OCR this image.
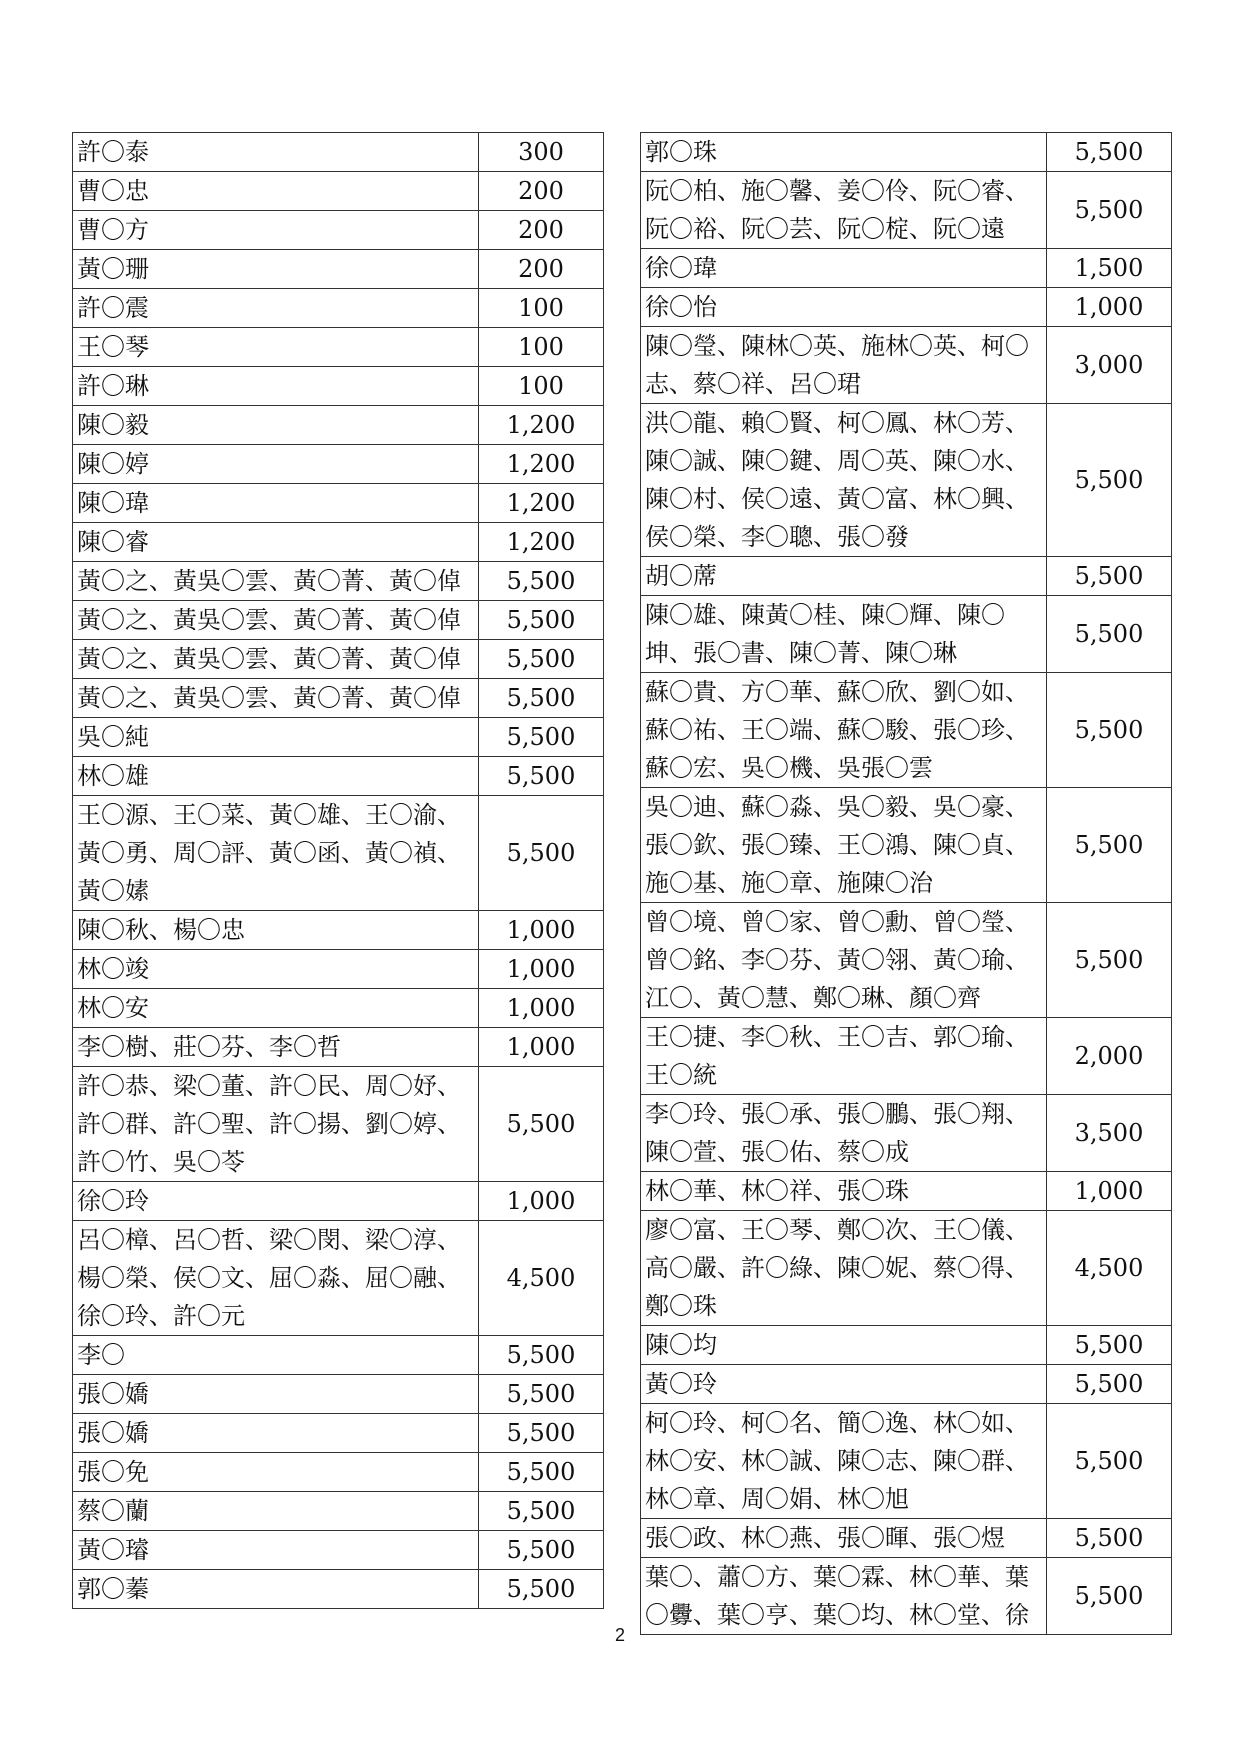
許〇泰	300
曹〇忠	200
曹〇方	200
黃〇珊	200
許〇震	100
王〇琴	100
許〇琳	100
陳〇毅	1,200
陳〇婷	1,200
陳〇瑋	1,200
陳〇睿	1,200
黃〇之、黃吳〇雲、黃〇菁、黃〇倬	5,500
黃〇之、黃吳〇雲、黃〇菁、黃〇倬	5,500
黃〇之、黃吳〇雲、黃〇菁、黃〇倬	5,500
黃〇之、黃吳〇雲、黃〇菁、黃〇倬	5,500
吳〇純	5,500
林〇雄	5,500
王〇源、王〇菜、黃〇雄、王〇渝、黃〇勇、周〇評、黃〇函、黃〇禎、黃〇嫊	5,500
陳〇秋、楊〇忠	1,000
林〇竣	1,000
林〇安	1,000
李〇樹、莊〇芬、李〇哲	1,000
許〇恭、梁〇董、許〇民、周〇妤、許〇群、許〇聖、許〇揚、劉〇婷、許〇竹、吳〇苓	5,500
徐〇玲	1,000
呂〇樟、呂〇哲、梁〇閔、梁〇淳、楊〇榮、侯〇文、屈〇淼、屈〇融、徐〇玲、許〇元	4,500
李〇	5,500
張〇嬌	5,500
張〇嬌	5,500
張〇免	5,500
蔡〇蘭	5,500
黃〇璿	5,500
郭〇蓁	5,500
郭〇珠	5,500
阮〇柏、施〇馨、姜〇伶、阮〇睿、阮〇裕、阮〇芸、阮〇椗、阮〇遠	5,500
徐〇瑋	1,500
徐〇怡	1,000
陳〇瑩、陳林〇英、施林〇英、柯〇志、蔡〇祥、呂〇珺	3,000
洪〇龍、賴〇賢、柯〇鳳、林〇芳、陳〇誠、陳〇鍵、周〇英、陳〇水、陳〇村、侯〇遠、黃〇富、林〇興、侯〇榮、李〇聰、張〇發	5,500
胡〇蓆	5,500
陳〇雄、陳黃〇桂、陳〇輝、陳〇坤、張〇書、陳〇菁、陳〇琳	5,500
蘇〇貴、方〇華、蘇〇欣、劉〇如、蘇〇祐、王〇端、蘇〇駿、張〇珍、蘇〇宏、吳〇機、吳張〇雲	5,500
吳〇迪、蘇〇淼、吳〇毅、吳〇豪、張〇欽、張〇臻、王〇鴻、陳〇貞、施〇基、施〇章、施陳〇治	5,500
曾〇境、曾〇家、曾〇勳、曾〇瑩、曾〇銘、李〇芬、黃〇翎、黃〇瑜、江〇、黃〇慧、鄭〇琳、顏〇齊	5,500
王〇捷、李〇秋、王〇吉、郭〇瑜、王〇統	2,000
李〇玲、張〇承、張〇鵬、張〇翔、陳〇萱、張〇佑、蔡〇成	3,500
林〇華、林〇祥、張〇珠	1,000
廖〇富、王〇琴、鄭〇次、王〇儀、高〇嚴、許〇綠、陳〇妮、蔡〇得、鄭〇珠	4,500
陳〇均	5,500
黃〇玲	5,500
柯〇玲、柯〇名、簡〇逸、林〇如、林〇安、林〇誠、陳〇志、陳〇群、林〇章、周〇娟、林〇旭	5,500
張〇政、林〇燕、張〇暉、張〇煜	5,500
葉〇、蕭〇方、葉〇霖、林〇華、葉〇釁、葉〇亨、葉〇均、林〇堂、徐	5,500
2
